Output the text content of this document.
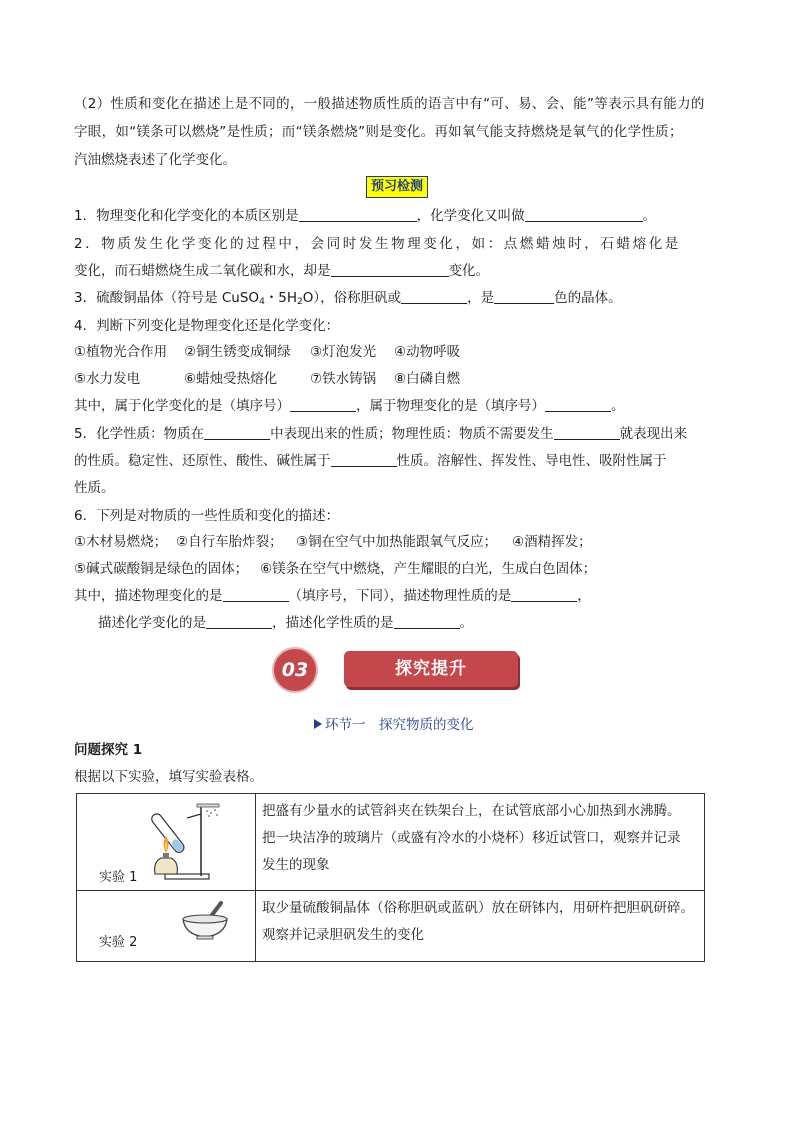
（2）性质和变化在描述上是不同的，一般描述物质性质的语言中有“可、易、会、能”等表示具有能力的
字眼，如“镁条可以燃烧”是性质；而“镁条燃烧”则是变化。再如氧气能支持燃烧是氧气的化学性质；
汽油燃烧表述了化学变化。
预习检测
1．物理变化和化学变化的本质区别是	，化学变化又叫做	。
2．物质发生化学变化的过程中，会同时发生物理变化，如：点燃蜡烛时，石蜡熔化是
变化，而石蜡燃烧生成二氧化碳和水，却是	变化。
3．硫酸铜晶体（符号是 CuSO$_4$・$5H_2O$），俗称胆矾或	，是	色的晶体。
4．判断下列变化是物理变化还是化学变化：
①植物光合作用 ②铜生锈变成铜绿 ③灯泡发光 ④动物呼吸
⑤水力发电	⑥蜡烛受热熔化 ⑦铁水铸锅 ⑧白磷自燃
其中，属于化学变化的是（填序号）	，属于物理变化的是（填序号）	。
5．化学性质：物质在	中表现出来的性质；物理性质：物质不需要发生	就表现出来
的性质。稳定性、还原性、酸性、碱性属于	性质。溶解性、挥发性、导电性、吸附性属于
性质。
6．下列是对物质的一些性质和变化的描述：
①木材易燃烧； ②自行车胎炸裂； ③铜在空气中加热能跟氧气反应； ④酒精挥发；
⑤碱式碳酸铜是绿色的固体； ⑥镁条在空气中燃烧，产生耀眼的白光，生成白色固体；
其中，描述物理变化的是	（填序号，下同），描述物理性质的是	，
描述化学变化的是	，描述化学性质的是	。
03	探究提升
环节一　探究物质的变化
问题探究 1
根据以下实验，填写实验表格。
实验 1	把盛有少量水的试管斜夹在铁架台上，在试管底部小心加热到水沸腾。
把一块洁净的玻璃片（或盛有冷水的小烧杯）移近试管口，观察并记录
发生的现象

实验 2	取少量硫酸铜晶体（俗称胆矾或蓝矾）放在研钵内，用研杵把胆矾研碎。
观察并记录胆矾发生的变化
